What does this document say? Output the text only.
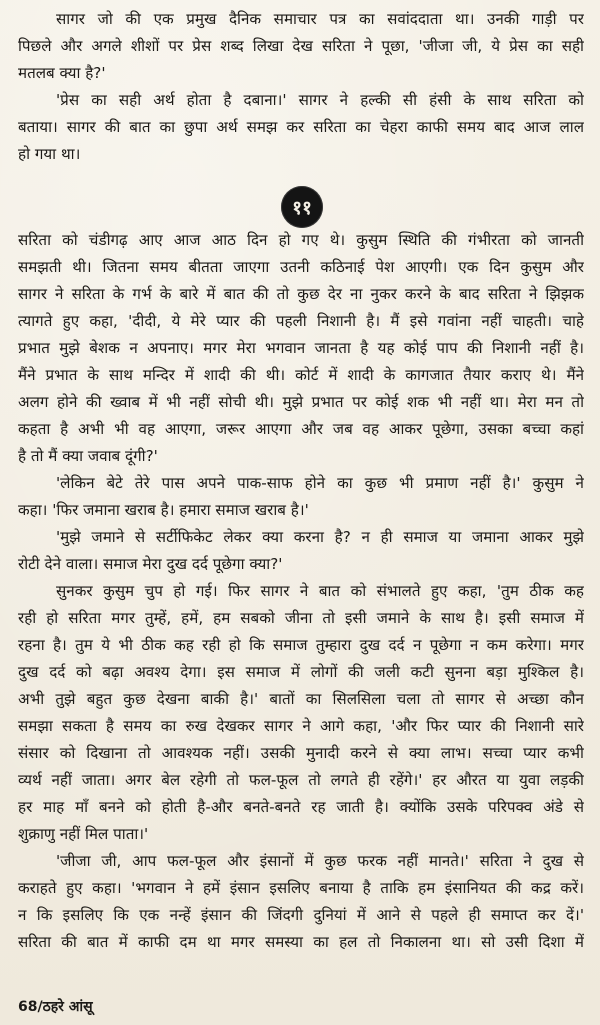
सागर जो की एक प्रमुख दैनिक समाचार पत्र का सवांददाता था। उनकी गाड़ी पर
पिछले और अगले शीशों पर प्रेस शब्द लिखा देख सरिता ने पूछा, 'जीजा जी, ये प्रेस का सही
मतलब क्या है?'
'प्रेस का सही अर्थ होता है दबाना।' सागर ने हल्की सी हंसी के साथ सरिता को
बताया। सागर की बात का छुपा अर्थ समझ कर सरिता का चेहरा काफी समय बाद आज लाल
हो गया था।
११
सरिता को चंडीगढ़ आए आज आठ दिन हो गए थे। कुसुम स्थिति की गंभीरता को जानती
समझती थी। जितना समय बीतता जाएगा उतनी कठिनाई पेश आएगी। एक दिन कुसुम और
सागर ने सरिता के गर्भ के बारे में बात की तो कुछ देर ना नुकर करने के बाद सरिता ने झिझक
त्यागते हुए कहा, 'दीदी, ये मेरे प्यार की पहली निशानी है। मैं इसे गवांना नहीं चाहती। चाहे
प्रभात मुझे बेशक न अपनाए। मगर मेरा भगवान जानता है यह कोई पाप की निशानी नहीं है।
मैंने प्रभात के साथ मन्दिर में शादी की थी। कोर्ट में शादी के कागजात तैयार कराए थे। मैंने
अलग होने की ख्वाब में भी नहीं सोची थी। मुझे प्रभात पर कोई शक भी नहीं था। मेरा मन तो
कहता है अभी भी वह आएगा, जरूर आएगा और जब वह आकर पूछेगा, उसका बच्चा कहां
है तो मैं क्या जवाब दूंगी?'
'लेकिन बेटे तेरे पास अपने पाक-साफ होने का कुछ भी प्रमाण नहीं है।' कुसुम ने
कहा। 'फिर जमाना खराब है। हमारा समाज खराब है।'
'मुझे जमाने से सर्टीफिकेट लेकर क्या करना है? न ही समाज या जमाना आकर मुझे
रोटी देने वाला। समाज मेरा दुख दर्द पूछेगा क्या?'
सुनकर कुसुम चुप हो गई। फिर सागर ने बात को संभालते हुए कहा, 'तुम ठीक कह
रही हो सरिता मगर तुम्हें, हमें, हम सबको जीना तो इसी जमाने के साथ है। इसी समाज में
रहना है। तुम ये भी ठीक कह रही हो कि समाज तुम्हारा दुख दर्द न पूछेगा न कम करेगा। मगर
दुख दर्द को बढ़ा अवश्य देगा। इस समाज में लोगों की जली कटी सुनना बड़ा मुश्किल है।
अभी तुझे बहुत कुछ देखना बाकी है।' बातों का सिलसिला चला तो सागर से अच्छा कौन
समझा सकता है समय का रुख देखकर सागर ने आगे कहा, 'और फिर प्यार की निशानी सारे
संसार को दिखाना तो आवश्यक नहीं। उसकी मुनादी करने से क्या लाभ। सच्चा प्यार कभी
व्यर्थ नहीं जाता। अगर बेल रहेगी तो फल-फूल तो लगते ही रहेंगे।' हर औरत या युवा लड़की
हर माह माँ बनने को होती है-और बनते-बनते रह जाती है। क्योंकि उसके परिपक्व अंडे से
शुक्राणु नहीं मिल पाता।'
'जीजा जी, आप फल-फूल और इंसानों में कुछ फरक नहीं मानते।' सरिता ने दुख से
कराहते हुए कहा। 'भगवान ने हमें इंसान इसलिए बनाया है ताकि हम इंसानियत की कद्र करें।
न कि इसलिए कि एक नन्हें इंसान की जिंदगी दुनियां में आने से पहले ही समाप्त कर दें।'
सरिता की बात में काफी दम था मगर समस्या का हल तो निकालना था। सो उसी दिशा में
68/ठहरे आंसू
